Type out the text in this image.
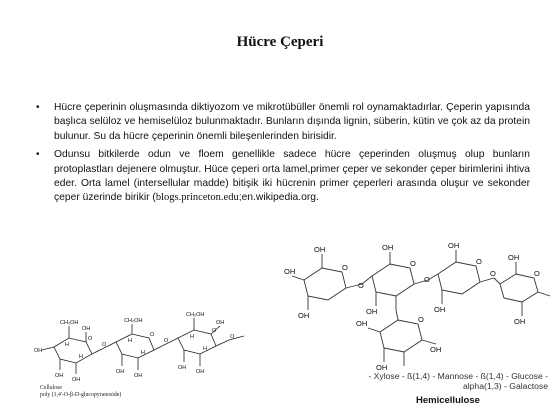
Hücre Çeperi
• Hücre çeperinin oluşmasında diktiyozom ve mikrotübüller önemli rol oynamaktadırlar. Çeperin yapısında başlıca selüloz ve hemiselüloz bulunmaktadır. Bunların dışında lignin, süberin, kütin ve çok az da protein bulunur. Su da hücre çeperinin önemli bileşenlerinden birisidir.
• Odunsu bitkilerde odun ve floem genellikle sadece hücre çeperinden oluşmuş olup bunların protoplastları dejenere olmuştur. Hüce çeperi orta lamel,primer çeper ve sekonder çeper birimlerini ihtiva eder. Orta lamel (intersellular madde) bitişik iki hücrenin primer çeperleri arasında oluşur ve sekonder çeper üzerinde birikir (blogs.princeton.edu;en.wikipedia.org.
CH₂OH	CH₂OH
CH₂OH
OH
OH
OH
OH
OH
OH
OH
OH
OH
O
O
O
O
O
O
H
H
H
H
H
H
Cellulose
poly (1,4'-O-β-D-glucopyranoside)
OH
OH
OH
OH
OH
OH
OH
OH
OH
OH
OH
OH
O
O
O
O	O	O
O
O
- Xylose - ß(1,4) - Mannose - ß(1,4) - Glucose -
alpha(1,3) - Galactose
Hemicellulose
